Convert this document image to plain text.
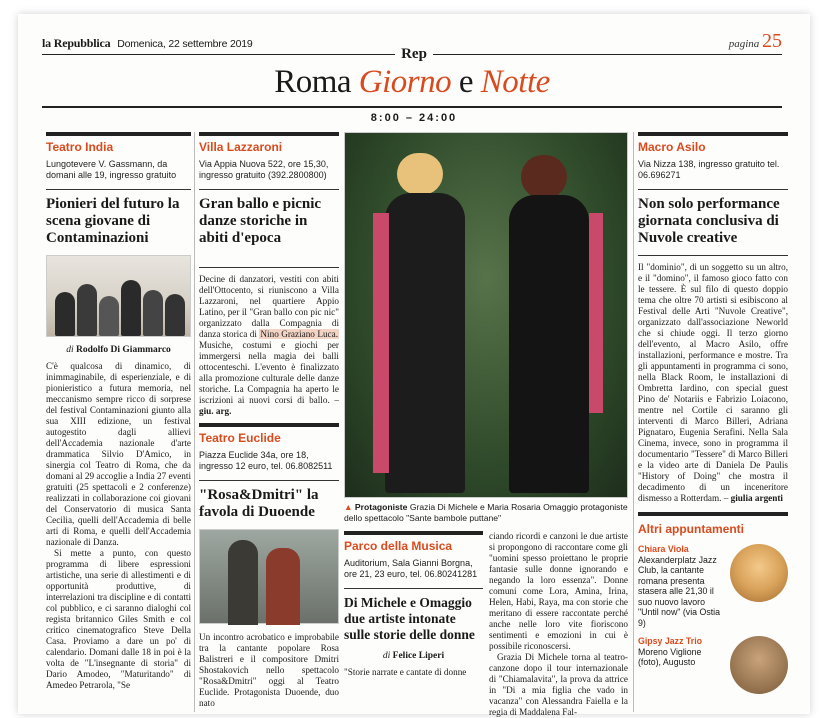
la Repubblica Domenica, 22 settembre 2019	pagina 25
Rep
Roma Giorno e Notte
8:00 – 24:00
Teatro India
Lungotevere V. Gassmann, da domani alle 19, ingresso gratuito
Pionieri del futuro la scena giovane di Contaminazioni
di Rodolfo Di Giammarco
C'è qualcosa di dinamico, di inimmaginabile, di esperienziale, e di pionieristico a futura memoria, nel meccanismo sempre ricco di sorprese del festival Contaminazioni giunto alla sua XIII edizione, un festival autogestito dagli allievi dell'Accademia nazionale d'arte drammatica Silvio D'Amico, in sinergia col Teatro di Roma, che da domani al 29 accoglie a India 27 eventi gratuiti (25 spettacoli e 2 conferenze) realizzati in collaborazione coi giovani del Conservatorio di musica Santa Cecilia, quelli dell'Accademia di belle arti di Roma, e quelli dell'Accademia nazionale di Danza.
Si mette a punto, con questo programma di libere espressioni artistiche, una serie di allestimenti e di opportunità produttive, di interrelazioni tra discipline e di contatti col pubblico, e ci saranno dialoghi col regista britannico Giles Smith e col critico cinematografico Steve Della Casa. Proviamo a dare un po' di calendario. Domani dalle 18 in poi è la volta de "L'insegnante di storia" di Dario Amodeo, "Maturitando" di Amedeo Petrarola, "Se
Villa Lazzaroni
Via Appia Nuova 522, ore 15,30, ingresso gratuito (392.2800800)
Gran ballo e picnic danze storiche in abiti d'epoca
Decine di danzatori, vestiti con abiti dell'Ottocento, si riuniscono a Villa Lazzaroni, nel quartiere Appio Latino, per il "Gran ballo con pic nic" organizzato dalla Compagnia di danza storica di Nino Graziano Luca. Musiche, costumi e giochi per immergersi nella magia dei balli ottocenteschi. L'evento è finalizzato alla promozione culturale delle danze storiche. La Compagnia ha aperto le iscrizioni ai nuovi corsi di ballo. – giu. arg.
Teatro Euclide
Piazza Euclide 34a, ore 18, ingresso 12 euro, tel. 06.8082511
"Rosa&Dmitri" la favola di Duoende
Un incontro acrobatico e improbabile tra la cantante popolare Rosa Balistreri e il compositore Dmitri Shostakovich nello spettacolo "Rosa&Dmitri" oggi al Teatro Euclide. Protagonista Duoende, duo nato
▲ Protagoniste Grazia Di Michele e Maria Rosaria Omaggio protagoniste dello spettacolo "Sante bambole puttane"
Parco della Musica
Auditorium, Sala Gianni Borgna, ore 21, 23 euro, tel. 06.80241281
Di Michele e Omaggio due artiste intonate sulle storie delle donne
di Felice Liperi
"Storie narrate e cantate di donne
ciando ricordi e canzoni le due artiste si propongono di raccontare come gli "uomini spesso proiettano le proprie fantasie sulle donne ignorando e negando la loro essenza". Donne comuni come Lora, Amina, Irina, Helen, Habi, Raya, ma con storie che meritano di essere raccontate perché anche nelle loro vite fioriscono sentimenti e emozioni in cui è possibile riconoscersi.
Grazia Di Michele torna al teatro-canzone dopo il tour internazionale di "Chiamalavita", la prova da attrice in "Di a mia figlia che vado in vacanza" con Alessandra Faiella e la regia di Maddalena Fal-
Macro Asilo
Via Nizza 138, ingresso gratuito tel. 06.696271
Non solo performance giornata conclusiva di Nuvole creative
Il "dominio", di un soggetto su un altro, e il "domino", il famoso gioco fatto con le tessere. È sul filo di questo doppio tema che oltre 70 artisti si esibiscono al Festival delle Arti "Nuvole Creative", organizzato dall'associazione Neworld che si chiude oggi. Il terzo giorno dell'evento, al Macro Asilo, offre installazioni, performance e mostre. Tra gli appuntamenti in programma ci sono, nella Black Room, le installazioni di Ombretta Iardino, con special guest Pino de' Notariis e Fabrizio Loiacono, mentre nel Cortile ci saranno gli interventi di Marco Billeri, Adriana Pignataro, Eugenia Serafini. Nella Sala Cinema, invece, sono in programma il documentario "Tessere" di Marco Billeri e la video arte di Daniela De Paulis "History of Doing" che mostra il decadimento di un inceneritore dismesso a Rotterdam. – giulia argenti
Altri appuntamenti
Chiara Viola
Alexanderplatz Jazz Club, la cantante romana presenta stasera alle 21,30 il suo nuovo lavoro "Until now" (via Ostia 9)
Gipsy Jazz Trio
Moreno Viglione (foto), Augusto
